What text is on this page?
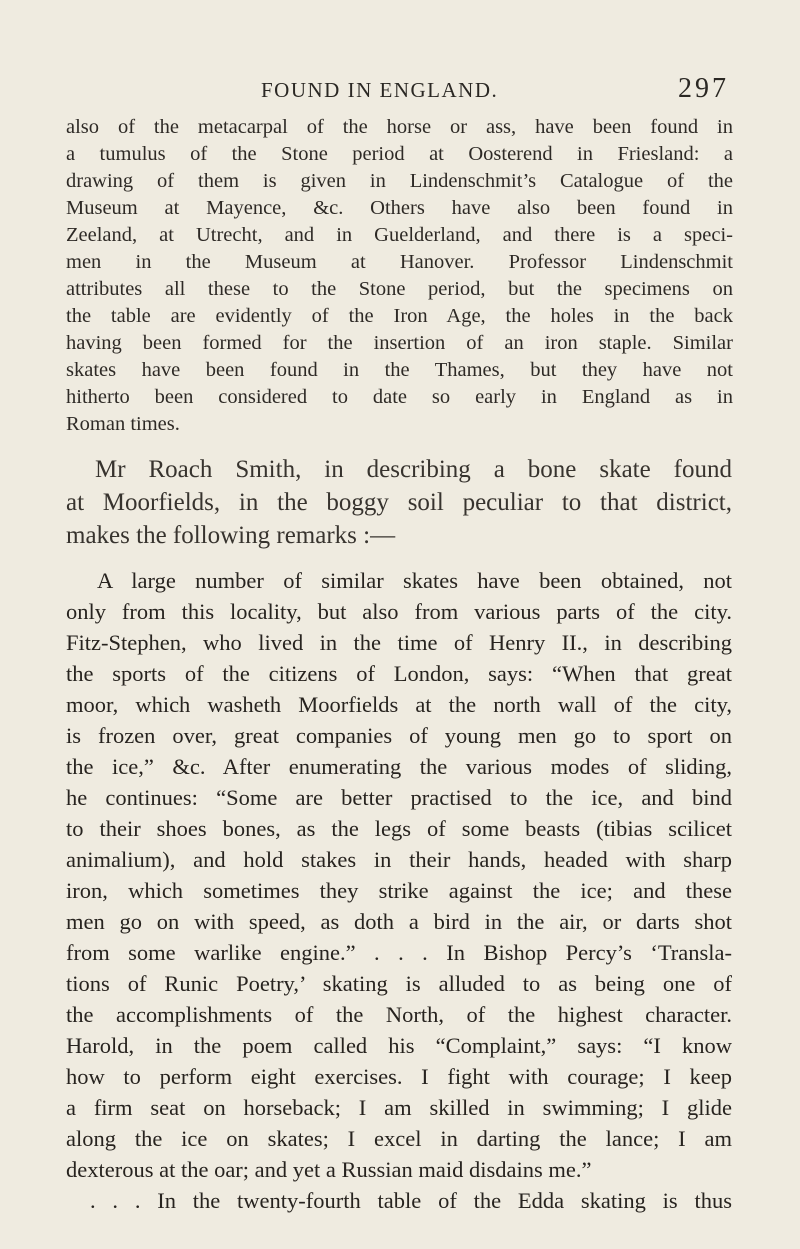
FOUND IN ENGLAND.	297

also of the metacarpal of the horse or ass, have been found in

a tumulus of the Stone period at Oosterend in Friesland: a

drawing of them is given in Lindenschmit’s Catalogue of the

Museum at Mayence, &c. Others have also been found in

Zeeland, at Utrecht, and in Guelderland, and there is a speci-

men in the Museum at Hanover. Professor Lindenschmit

attributes all these to the Stone period, but the specimens on

the table are evidently of the Iron Age, the holes in the back

having been formed for the insertion of an iron staple. Similar

skates have been found in the Thames, but they have not

hitherto been considered to date so early in England as in

Roman times.

Mr Roach Smith, in describing a bone skate found

at Moorfields, in the boggy soil peculiar to that district,

makes the following remarks :—

A large number of similar skates have been obtained, not

only from this locality, but also from various parts of the city.

Fitz-Stephen, who lived in the time of Henry II., in describing

the sports of the citizens of London, says: “When that great

moor, which washeth Moorfields at the north wall of the city,

is frozen over, great companies of young men go to sport on

the ice,” &c. After enumerating the various modes of sliding,

he continues: “Some are better practised to the ice, and bind

to their shoes bones, as the legs of some beasts (tibias scilicet

animalium), and hold stakes in their hands, headed with sharp

iron, which sometimes they strike against the ice; and these

men go on with speed, as doth a bird in the air, or darts shot

from some warlike engine.” . . . In Bishop Percy’s ‘Transla-

tions of Runic Poetry,’ skating is alluded to as being one of

the accomplishments of the North, of the highest character.

Harold, in the poem called his “Complaint,” says: “I know

how to perform eight exercises. I fight with courage; I keep

a firm seat on horseback; I am skilled in swimming; I glide

along the ice on skates; I excel in darting the lance; I am

dexterous at the oar; and yet a Russian maid disdains me.”

. . . In the twenty-fourth table of the Edda skating is thus
